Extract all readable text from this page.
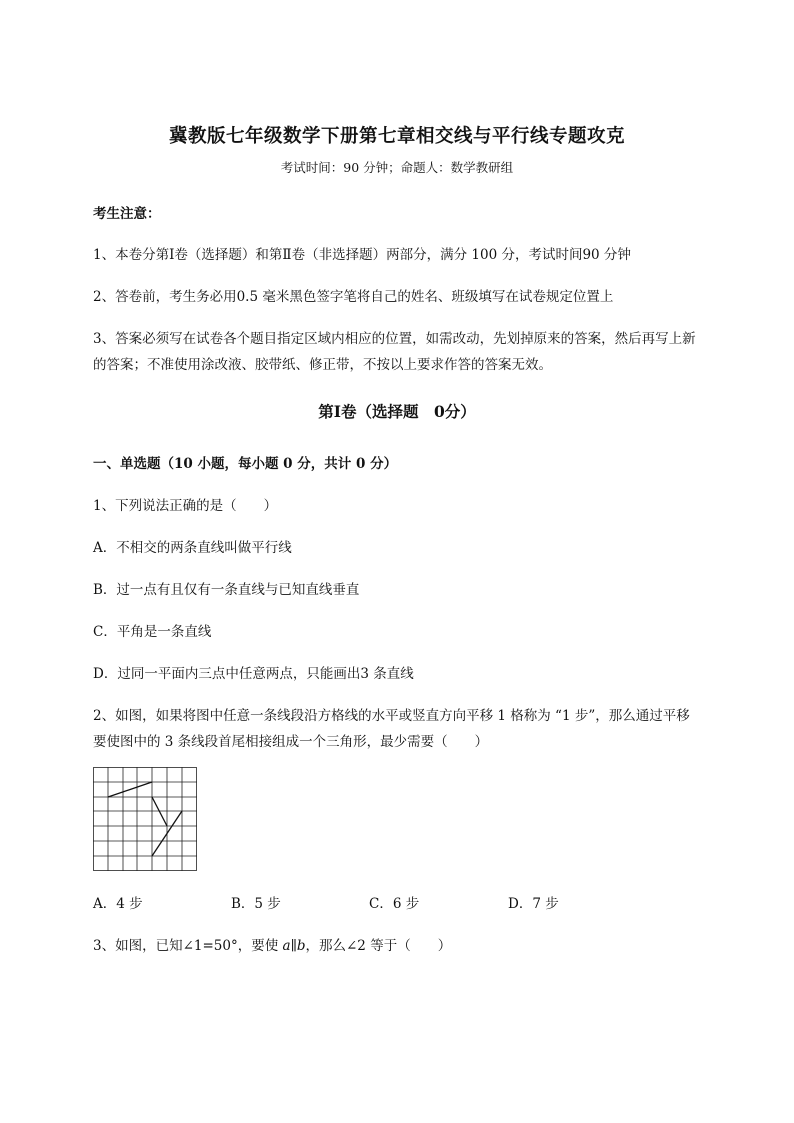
冀教版七年级数学下册第七章相交线与平行线专题攻克
考试时间：90 分钟；命题人：数学教研组
考生注意：
1、本卷分第Ⅰ卷（选择题）和第Ⅱ卷（非选择题）两部分，满分 100 分，考试时间90 分钟
2、答卷前，考生务必用0.5 毫米黑色签字笔将自己的姓名、班级填写在试卷规定位置上
3、答案必须写在试卷各个题目指定区域内相应的位置，如需改动，先划掉原来的答案，然后再写上新
的答案；不准使用涂改液、胶带纸、修正带，不按以上要求作答的答案无效。
第Ⅰ卷（选择题　0分）
一、单选题（10 小题，每小题 0 分，共计 0 分）
1、下列说法正确的是（　　）
A．不相交的两条直线叫做平行线
B．过一点有且仅有一条直线与已知直线垂直
C．平角是一条直线
D．过同一平面内三点中任意两点，只能画出3 条直线
2、如图，如果将图中任意一条线段沿方格线的水平或竖直方向平移 1 格称为 “1 步”，那么通过平移
要使图中的 3 条线段首尾相接组成一个三角形，最少需要（　　）
A．4 步	B．5 步	C．6 步	D．7 步
3、如图，已知∠1=50°，要使 a∥b，那么∠2 等于（　　）
